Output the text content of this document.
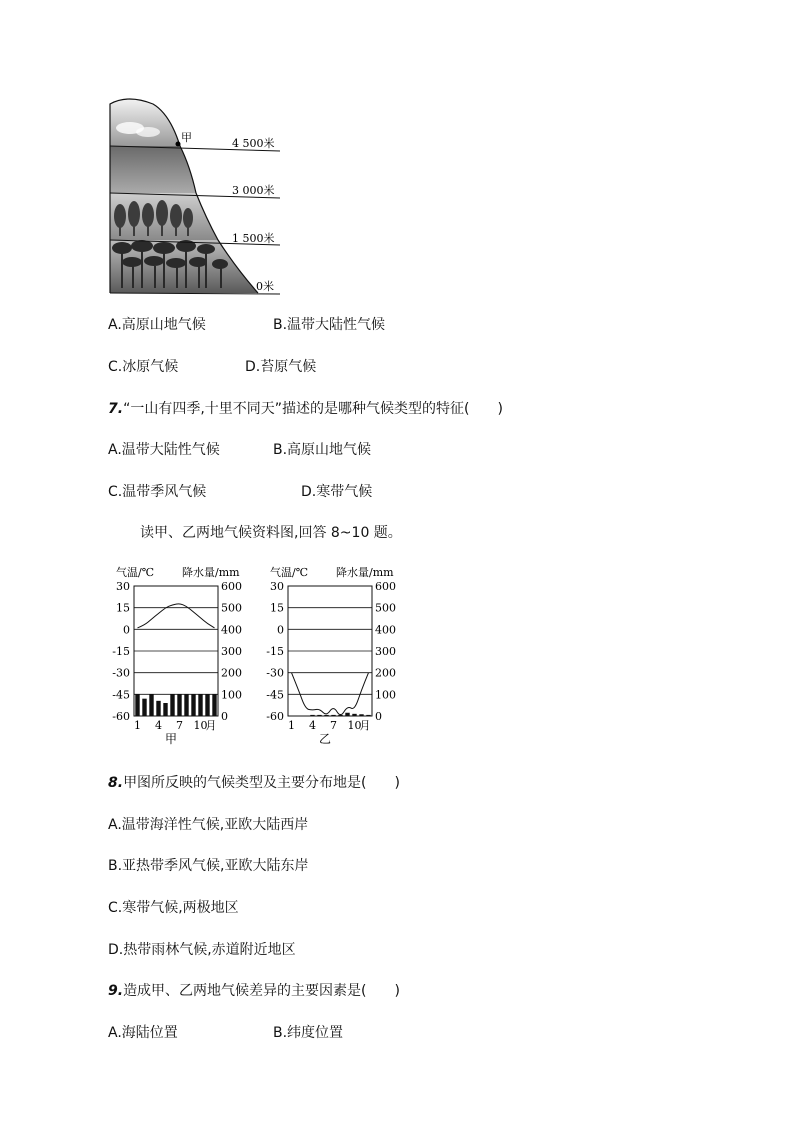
甲	4 500米
3 000米
1 500米
0米
A.高原山地气候	B.温带大陆性气候
C.冰原气候	D.苔原气候
7.“一山有四季,十里不同天”描述的是哪种气候类型的特征(　　)
A.温带大陆性气候	B.高原山地气候
C.温带季风气候	D.寒带气候
读甲、乙两地气候资料图,回答 8~10 题。
气温/℃	降水量/mm
30	600
15	500
0	400
-15	300
-30	200
-45	100
-60	0
1 4 7 10
月
甲
气温/℃	降水量/mm
30	600
15	500
0	400
-15	300
-30	200
-45	100
-60	0
1 4 7 10
月
乙
8.甲图所反映的气候类型及主要分布地是(　　)
A.温带海洋性气候,亚欧大陆西岸
B.亚热带季风气候,亚欧大陆东岸
C.寒带气候,两极地区
D.热带雨林气候,赤道附近地区
9.造成甲、乙两地气候差异的主要因素是(　　)
A.海陆位置	B.纬度位置
